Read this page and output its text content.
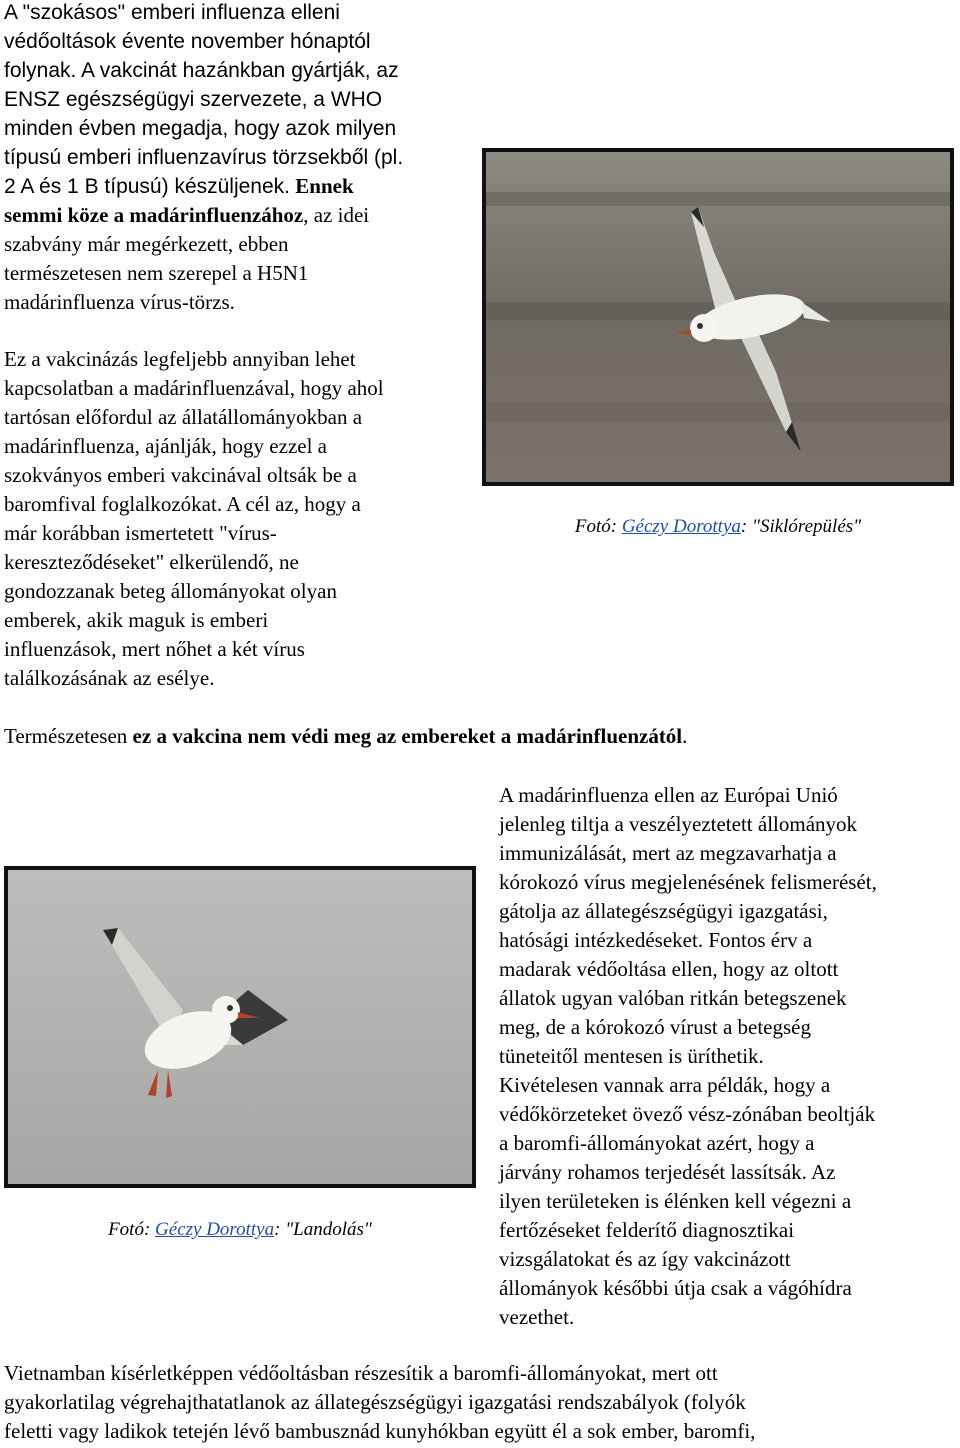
A "szokásos" emberi influenza elleni
védőoltások évente november hónaptól
folynak. A vakcinát hazánkban gyártják, az
ENSZ egészségügyi szervezete, a WHO
minden évben megadja, hogy azok milyen
típusú emberi influenzavírus törzsekből (pl.
2 A és 1 B típusú) készüljenek. Ennek
semmi köze a madárinfluenzához, az idei
szabvány már megérkezett, ebben
természetesen nem szerepel a H5N1
madárinfluenza vírus-törzs.

Fotó: Géczy Dorottya: "Siklórepülés"

Ez a vakcinázás legfeljebb annyiban lehet
kapcsolatban a madárinfluenzával, hogy ahol
tartósan előfordul az állatállományokban a
madárinfluenza, ajánlják, hogy ezzel a
szokványos emberi vakcinával oltsák be a
baromfival foglalkozókat. A cél az, hogy a
már korábban ismertetett "vírus-
kereszteződéseket" elkerülendő, ne
gondozzanak beteg állományokat olyan
emberek, akik maguk is emberi
influenzások, mert nőhet a két vírus
találkozásának az esélye.

Természetesen ez a vakcina nem védi meg az embereket a madárinfluenzától.

Fotó: Géczy Dorottya: "Landolás"

A madárinfluenza ellen az Európai Unió
jelenleg tiltja a veszélyeztetett állományok
immunizálását, mert az megzavarhatja a
kórokozó vírus megjelenésének felismerését,
gátolja az állategészségügyi igazgatási,
hatósági intézkedéseket. Fontos érv a
madarak védőoltása ellen, hogy az oltott
állatok ugyan valóban ritkán betegszenek
meg, de a kórokozó vírust a betegség
tüneteitől mentesen is üríthetik.
Kivételesen vannak arra példák, hogy a
védőkörzeteket övező vész-zónában beoltják
a baromfi-állományokat azért, hogy a
járvány rohamos terjedését lassítsák. Az
ilyen területeken is élénken kell végezni a
fertőzéseket felderítő diagnosztikai
vizsgálatokat és az így vakcinázott
állományok későbbi útja csak a vágóhídra
vezethet.

Vietnamban kísérletképpen védőoltásban részesítik a baromfi-állományokat, mert ott
gyakorlatilag végrehajthatatlanok az állategészségügyi igazgatási rendszabályok (folyók
feletti vagy ladikok tetején lévő bambusznád kunyhókban együtt él a sok ember, baromfi,
